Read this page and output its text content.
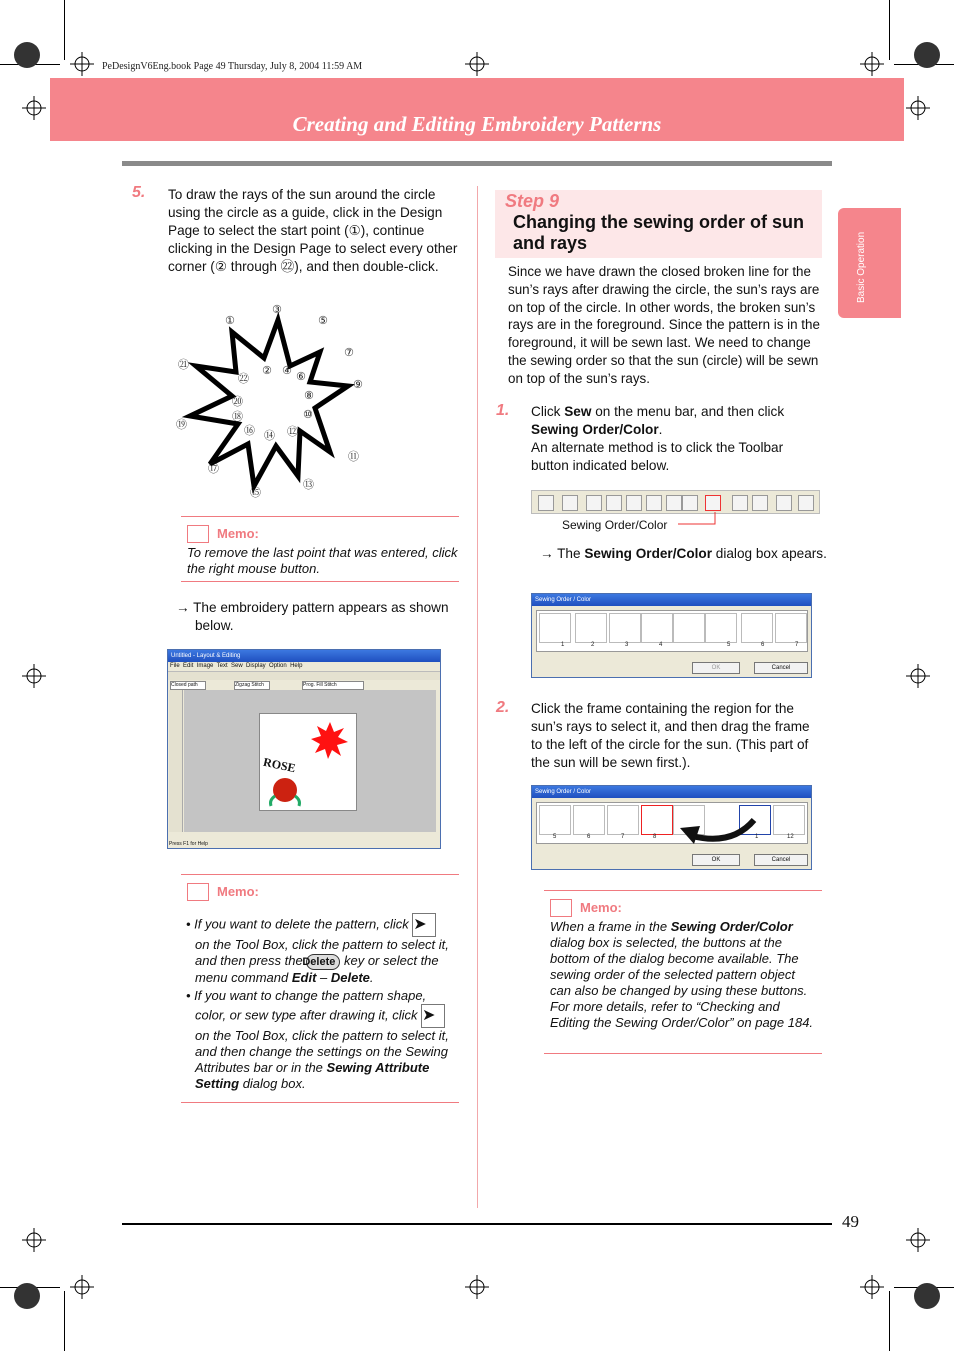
PeDesignV6Eng.book Page 49 Thursday, July 8, 2004 11:59 AM
Creating and Editing Embroidery Patterns
Basic Operation
5. To draw the rays of the sun around the circle using the circle as a guide, click in the Design Page to select the start point (①), continue clicking in the Design Page to select every other corner (② through ㉒), and then double-click.
①
②
③
④
⑤
⑥
⑦
⑧
⑨
⑩
⑪
⑫
⑬
⑭
⑮
⑯
⑰
⑱
⑲
⑳
㉑
㉒
Memo:
To remove the last point that was entered, click the right mouse button.
→ The embroidery pattern appears as shown below.
Untitled - Layout & Editing
File Edit Image Text Sew Display Option Help
Closed path	Zigzag Stitch	Prog. Fill Stitch
ROSE
Press F1 for Help
Memo:
• If you want to delete the pattern, click ➤ on the Tool Box, click the pattern to select it, and then press the Delete key or select the menu command Edit – Delete.
• If you want to change the pattern shape, color, or sew type after drawing it, click ➤ on the Tool Box, click the pattern to select it, and then change the settings on the Sewing Attributes bar or in the Sewing Attribute Setting dialog box.
Step 9
Changing the sewing order of sun and rays
Since we have drawn the closed broken line for the sun’s rays after drawing the circle, the sun’s rays are on top of the circle. In other words, the broken sun’s rays are in the foreground. Since the pattern is in the foreground, it will be sewn last. We need to change the sewing order so that the sun (circle) will be sewn on top of the sun’s rays.
1. Click Sew on the menu bar, and then click Sewing Order/Color.
An alternate method is to click the Toolbar button indicated below.
Sewing Order/Color
→ The Sewing Order/Color dialog box apears.
Sewing Order / Color
1	2	3	4	5	6	7
OK	Cancel
2. Click the frame containing the region for the sun’s rays to select it, and then drag the frame to the left of the circle for the sun. (This part of the sun will be sewn first.).
Sewing Order / Color
5	6	7	8	1	12
OK	Cancel
Memo:
When a frame in the Sewing Order/Color dialog box is selected, the buttons at the bottom of the dialog become available. The sewing order of the selected pattern object can also be changed by using these buttons. For more details, refer to “Checking and Editing the Sewing Order/Color” on page 184.
49
